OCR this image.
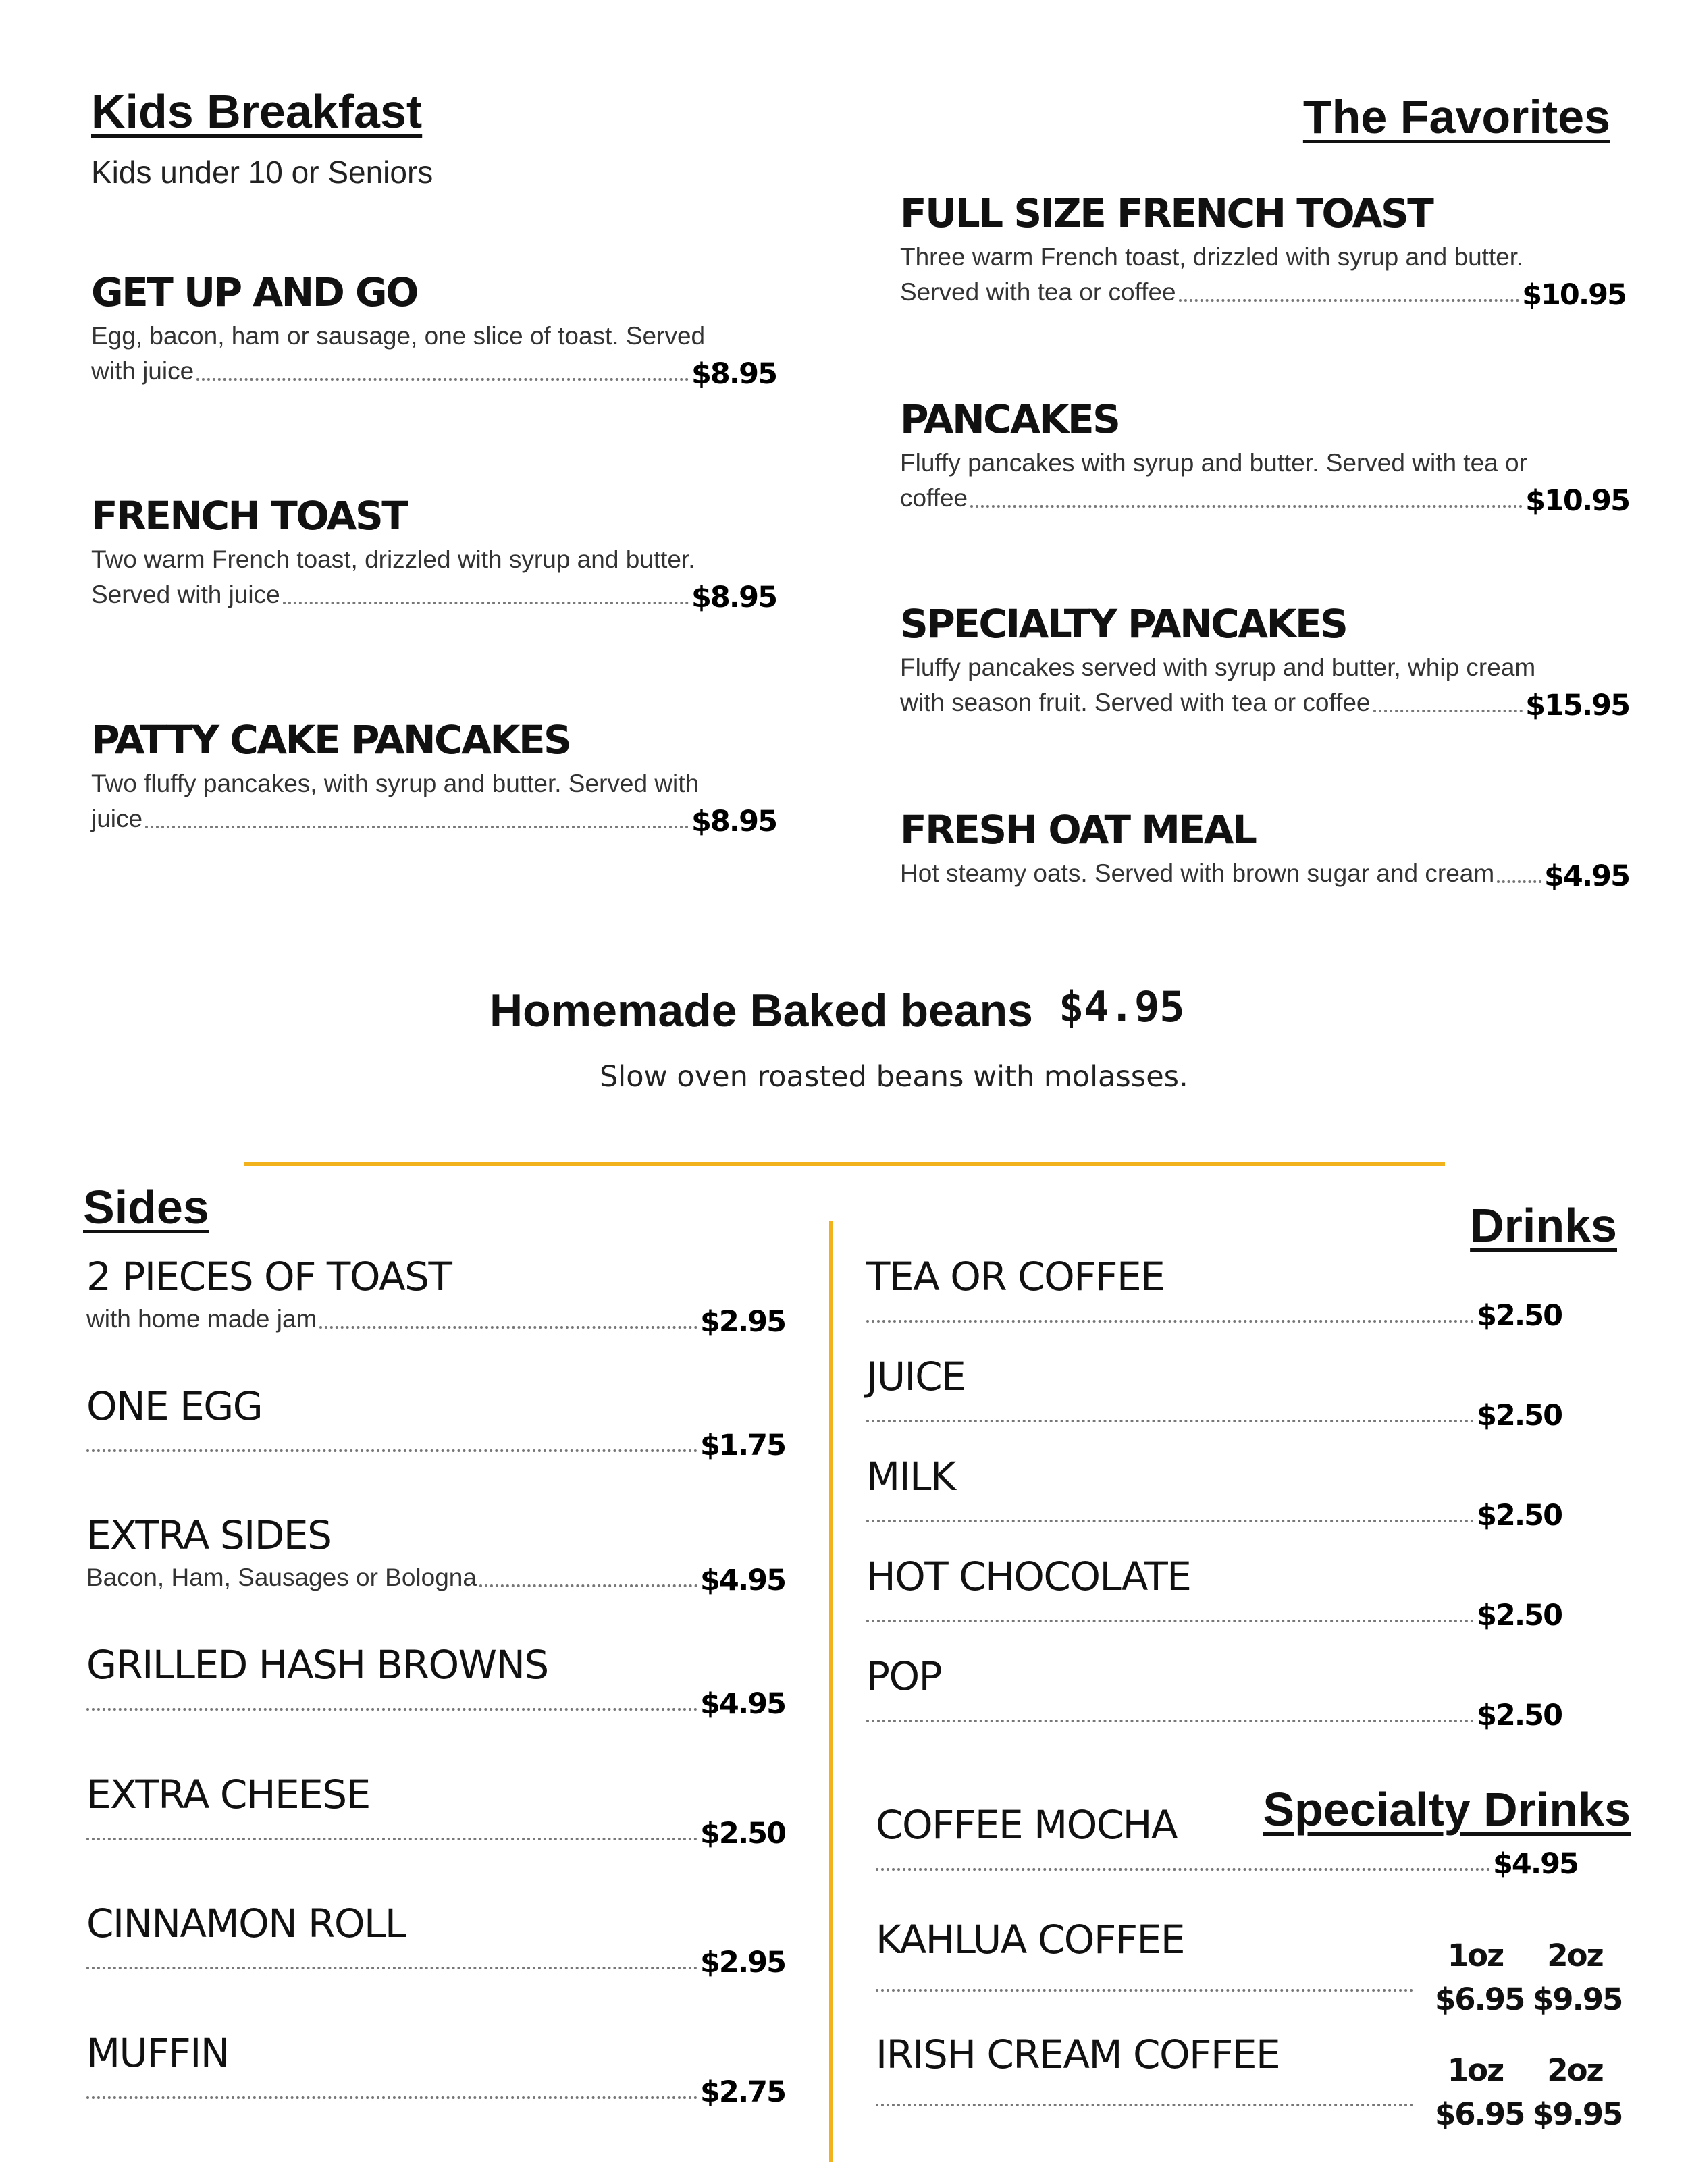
Kids Breakfast
Kids under 10 or Seniors
GET UP AND GO
Egg, bacon, ham or sausage, one slice of toast. Served
with juice	$8.95
FRENCH TOAST
Two warm French toast, drizzled with syrup and butter.
Served with juice	$8.95
PATTY CAKE PANCAKES
Two fluffy pancakes, with syrup and butter. Served with
juice	$8.95
The Favorites
FULL SIZE FRENCH TOAST
Three warm French toast, drizzled with syrup and butter.
Served with tea or coffee	$10.95
PANCAKES
Fluffy pancakes with syrup and butter. Served with tea or
coffee	$10.95
SPECIALTY PANCAKES
Fluffy pancakes served with syrup and butter, whip cream
with season fruit. Served with tea or coffee	$15.95
FRESH OAT MEAL
Hot steamy oats. Served with brown sugar and cream $4.95
Homemade Baked beans $4.95
Slow oven roasted beans with molasses.
Sides
2 PIECES OF TOAST
with home made jam	$2.95
ONE EGG
$1.75
EXTRA SIDES
Bacon, Ham, Sausages or Bologna	$4.95
GRILLED HASH BROWNS
$4.95
EXTRA CHEESE
$2.50
CINNAMON ROLL
$2.95
MUFFIN
$2.75
Drinks
TEA OR COFFEE
$2.50
JUICE
$2.50
MILK
$2.50
HOT CHOCOLATE
$2.50
POP
$2.50
Specialty Drinks
COFFEE MOCHA
$4.95
KAHLUA COFFEE	1oz	2oz
$6.95 $9.95
IRISH CREAM COFFEE	1oz	2oz
$6.95 $9.95
